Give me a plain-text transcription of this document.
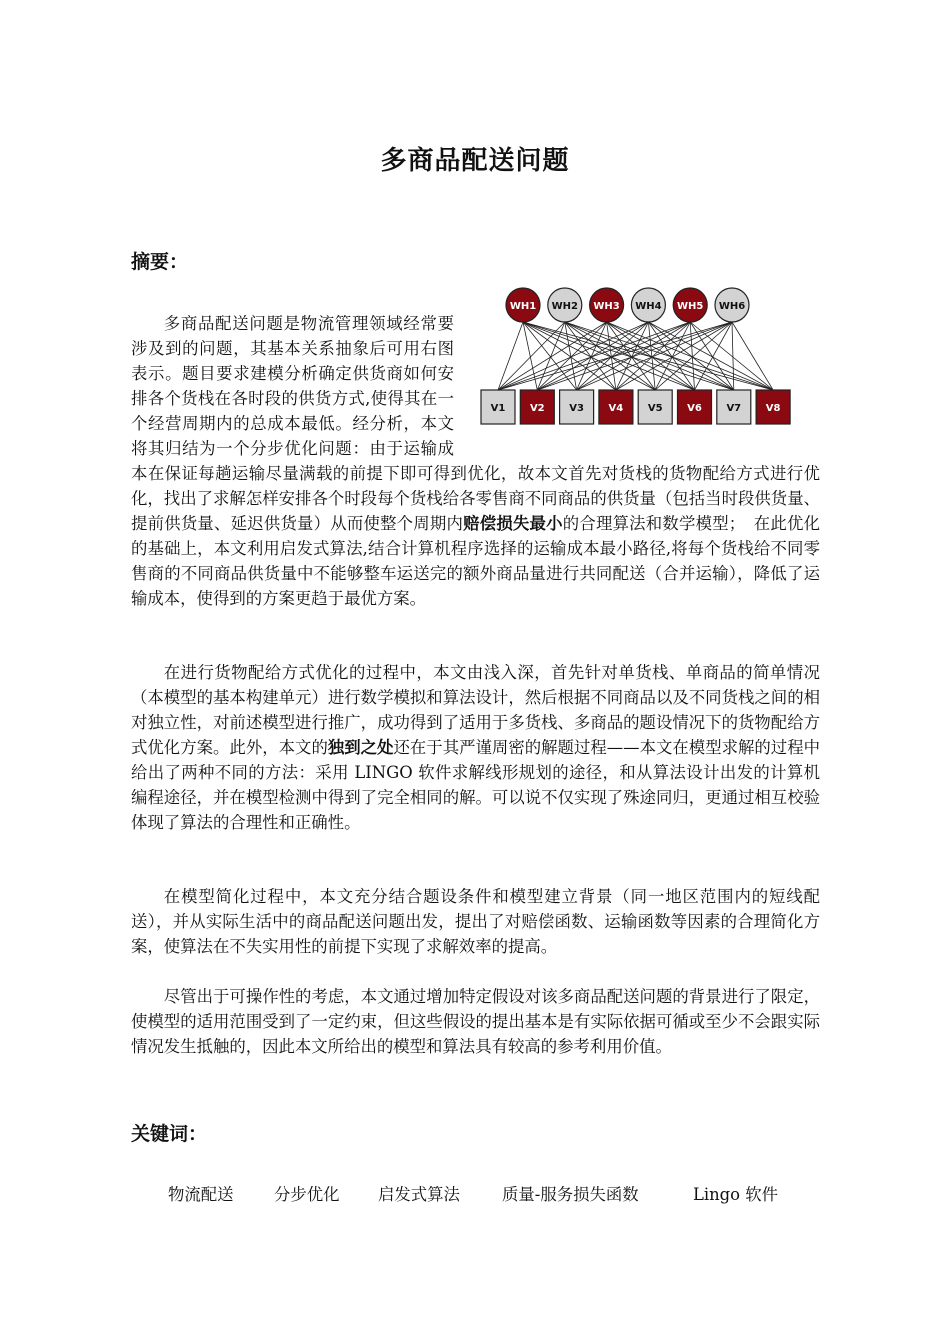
多商品配送问题
摘要：

WH1 WH2 WH3 WH4 WH5 WH6
V1 V2 V3 V4 V5 V6 V7 V8
多商品配送问题是物流管理领域经常要涉及到的问题，其基本关系抽象后可用右图表示。题目要求建模分析确定供货商如何安排各个货栈在各时段的供货方式,使得其在一个经营周期内的总成本最低。经分析，本文将其归结为一个分步优化问题：由于运输成本在保证每趟运输尽量满载的前提下即可得到优化，故本文首先对货栈的货物配给方式进行优化，找出了求解怎样安排各个时段每个货栈给各零售商不同商品的供货量（包括当时段供货量、提前供货量、延迟供货量）从而使整个周期内赔偿损失最小的合理算法和数学模型；　在此优化的基础上，本文利用启发式算法,结合计算机程序选择的运输成本最小路径,将每个货栈给不同零售商的不同商品供货量中不能够整车运送完的额外商品量进行共同配送（合并运输），降低了运输成本，使得到的方案更趋于最优方案。

在进行货物配给方式优化的过程中，本文由浅入深，首先针对单货栈、单商品的简单情况（本模型的基本构建单元）进行数学模拟和算法设计，然后根据不同商品以及不同货栈之间的相对独立性，对前述模型进行推广，成功得到了适用于多货栈、多商品的题设情况下的货物配给方式优化方案。此外，本文的独到之处还在于其严谨周密的解题过程——本文在模型求解的过程中给出了两种不同的方法：采用 LINGO 软件求解线形规划的途径，和从算法设计出发的计算机编程途径，并在模型检测中得到了完全相同的解。可以说不仅实现了殊途同归，更通过相互校验体现了算法的合理性和正确性。

在模型简化过程中，本文充分结合题设条件和模型建立背景（同一地区范围内的短线配送），并从实际生活中的商品配送问题出发，提出了对赔偿函数、运输函数等因素的合理简化方案，使算法在不失实用性的前提下实现了求解效率的提高。

尽管出于可操作性的考虑，本文通过增加特定假设对该多商品配送问题的背景进行了限定，使模型的适用范围受到了一定约束，但这些假设的提出基本是有实际依据可循或至少不会跟实际情况发生抵触的，因此本文所给出的模型和算法具有较高的参考利用价值。

关键词：
物流配送 分步优化 启发式算法	质量-服务损失函数	Lingo 软件
